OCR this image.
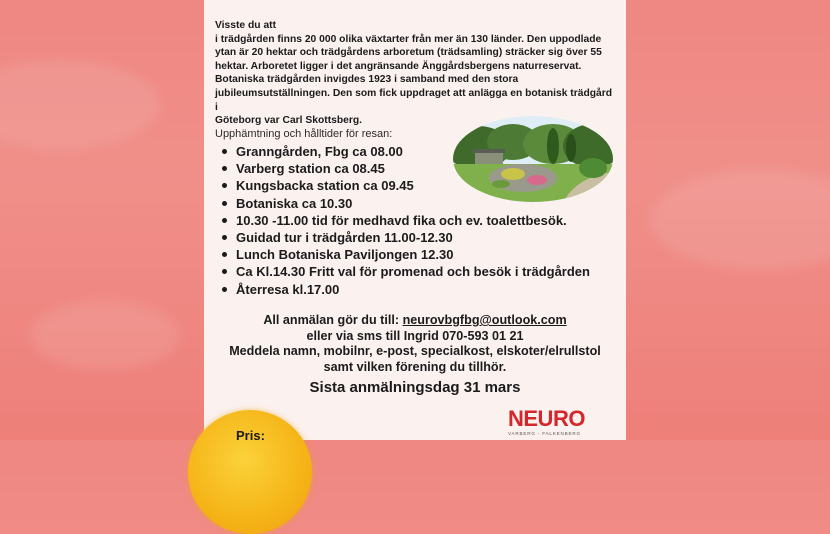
Visste du att

i trädgården finns 20 000 olika växtarter från mer än 130 länder. Den uppodlade

ytan är 20 hektar och trädgårdens arboretum (trädsamling) sträcker sig över 55

hektar. Arboretet ligger i det angränsande Änggårdsbergens naturreservat.

Botaniska trädgården invigdes 1923 i samband med den stora

jubileumsutställningen. Den som fick uppdraget att anlägga en botanisk trädgård i

Göteborg var Carl Skottsberg.

Upphämtning och hålltider för resan:
Granngården, Fbg ca 08.00
Varberg station ca 08.45
Kungsbacka station ca 09.45
Botaniska ca 10.30
10.30 -11.00 tid för medhavd fika och ev. toalettbesök.
Guidad tur i trädgården 11.00-12.30
Lunch Botaniska Paviljongen 12.30
Ca Kl.14.30 Fritt val för promenad och besök i trädgården
Återresa kl.17.00
All anmälan gör du till: neurovbgfbg@outlook.com
eller via sms till Ingrid 070-593 01 21
Meddela namn, mobilnr, e-post, specialkost, elskoter/elrullstol
samt vilken förening du tillhör.
Sista anmälningsdag 31 mars
NEURO
VARBERG - FALKENBERG
Pris:
